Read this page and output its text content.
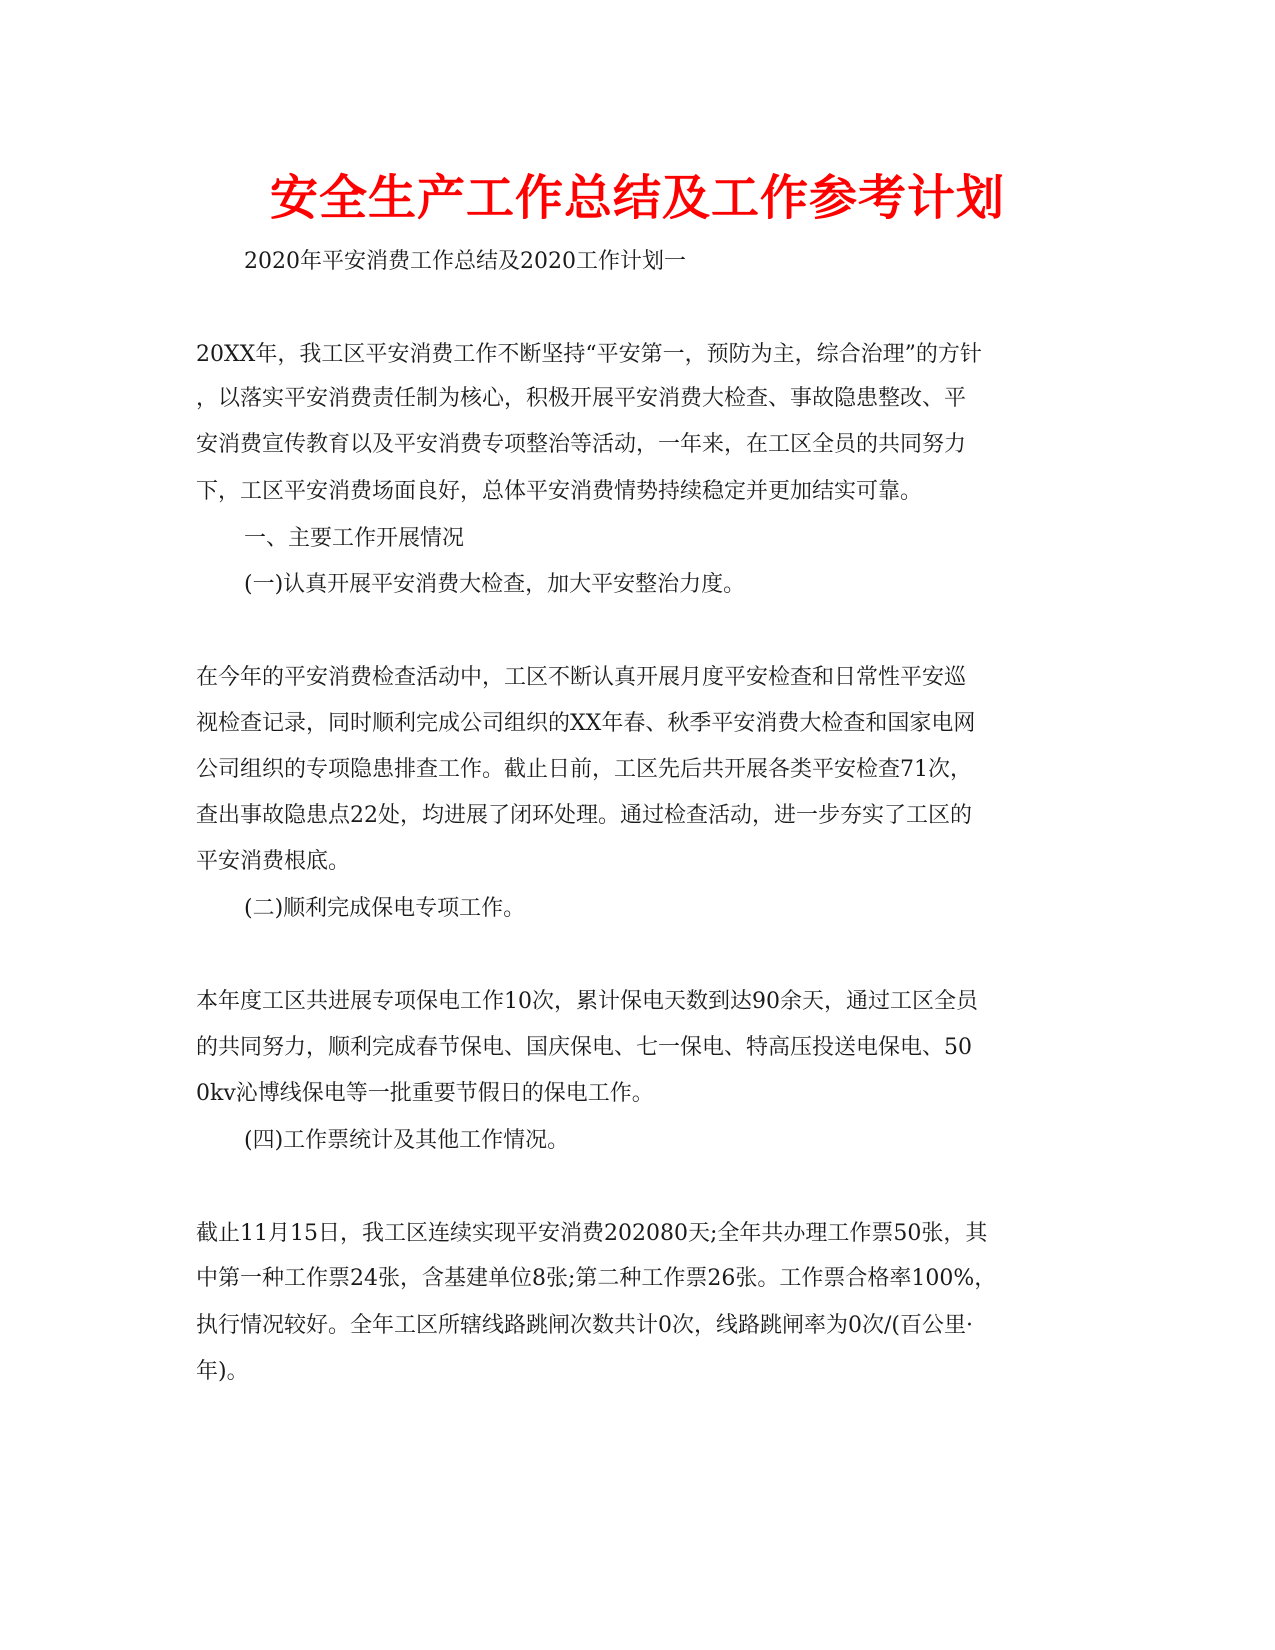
安全生产工作总结及工作参考计划
2020年平安消费工作总结及2020工作计划一
20XX年，我工区平安消费工作不断坚持“平安第一，预防为主，综合治理”的方针
，以落实平安消费责任制为核心，积极开展平安消费大检查、事故隐患整改、平
安消费宣传教育以及平安消费专项整治等活动，一年来，在工区全员的共同努力
下，工区平安消费场面良好，总体平安消费情势持续稳定并更加结实可靠。
一、主要工作开展情况
(一)认真开展平安消费大检查，加大平安整治力度。
在今年的平安消费检查活动中，工区不断认真开展月度平安检查和日常性平安巡
视检查记录，同时顺利完成公司组织的XX年春、秋季平安消费大检查和国家电网
公司组织的专项隐患排查工作。截止日前，工区先后共开展各类平安检查71次，
查出事故隐患点22处，均进展了闭环处理。通过检查活动，进一步夯实了工区的
平安消费根底。
(二)顺利完成保电专项工作。
本年度工区共进展专项保电工作10次，累计保电天数到达90余天，通过工区全员
的共同努力，顺利完成春节保电、国庆保电、七一保电、特高压投送电保电、50
0kv沁博线保电等一批重要节假日的保电工作。
(四)工作票统计及其他工作情况。
截止11月15日，我工区连续实现平安消费202080天;全年共办理工作票50张，其
中第一种工作票24张，含基建单位8张;第二种工作票26张。工作票合格率100%，
执行情况较好。全年工区所辖线路跳闸次数共计0次，线路跳闸率为0次/(百公里·
年)。
